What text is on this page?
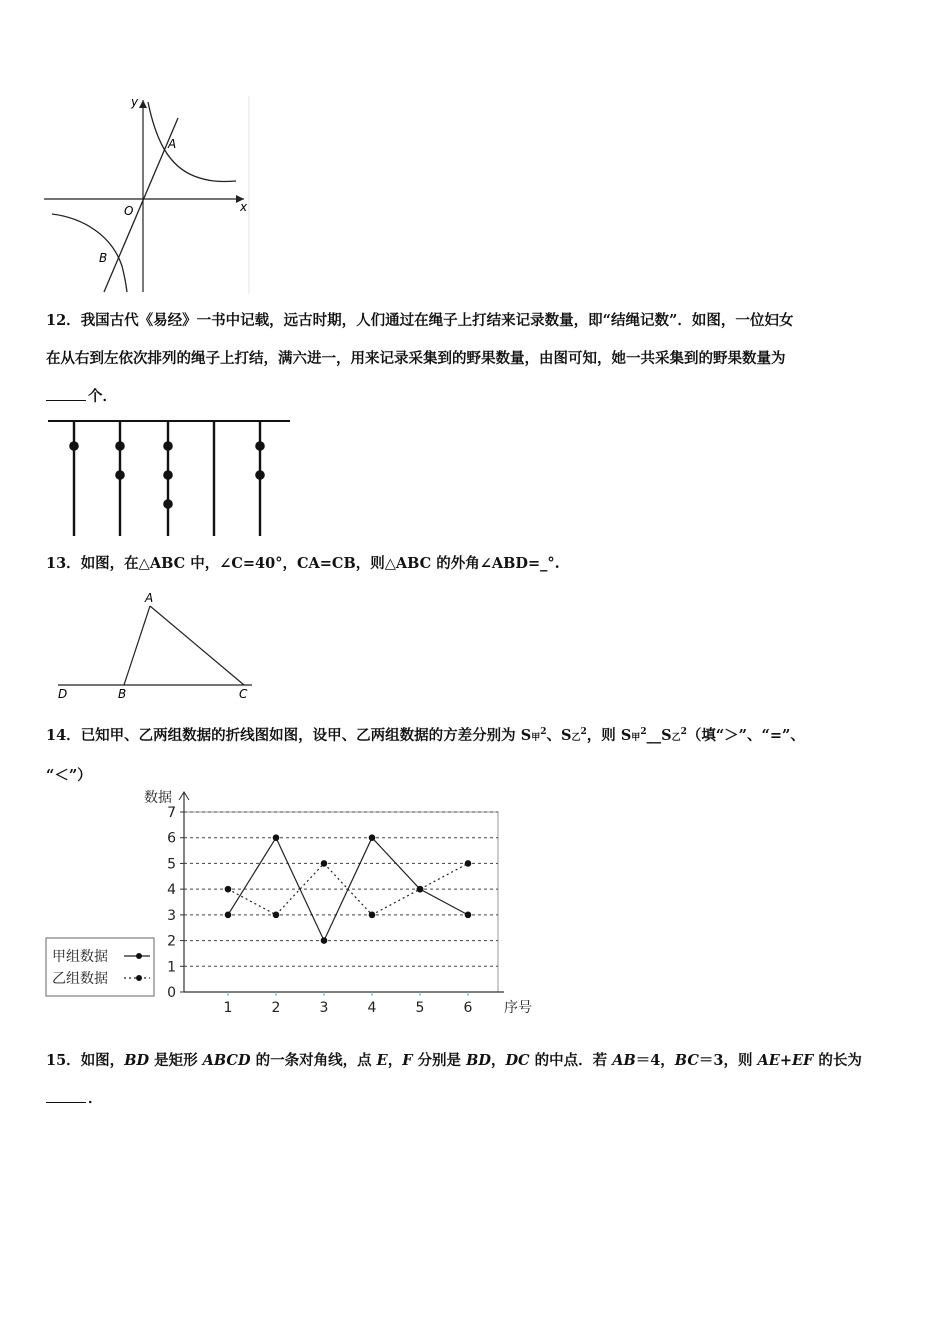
y
x
O
A
B
12．我国古代《易经》一书中记载，远古时期，人们通过在绳子上打结来记录数量，即“结绳记数”．如图，一位妇女
在从右到左依次排列的绳子上打结，满六进一，用来记录采集到的野果数量，由图可知，她一共采集到的野果数量为
个．
13．如图，在△ABC 中，∠C=40°，CA=CB，则△ABC 的外角∠ABD=_°.
A
B	C
D
14．已知甲、乙两组数据的折线图如图，设甲、乙两组数据的方差分别为 S甲$^2$、S乙$^2$，则 S甲$^2$__S乙$^2$（填“＞”、“=”、
“＜”）
0
1
2
3
4
5
6
7
数据
序号
1	2	3	4	5	6
甲组数据
乙组数据
15．如图，BD 是矩形 ABCD 的一条对角线，点 E，F 分别是 BD，DC 的中点．若 AB＝4，BC＝3，则 AE+EF 的长为
．
